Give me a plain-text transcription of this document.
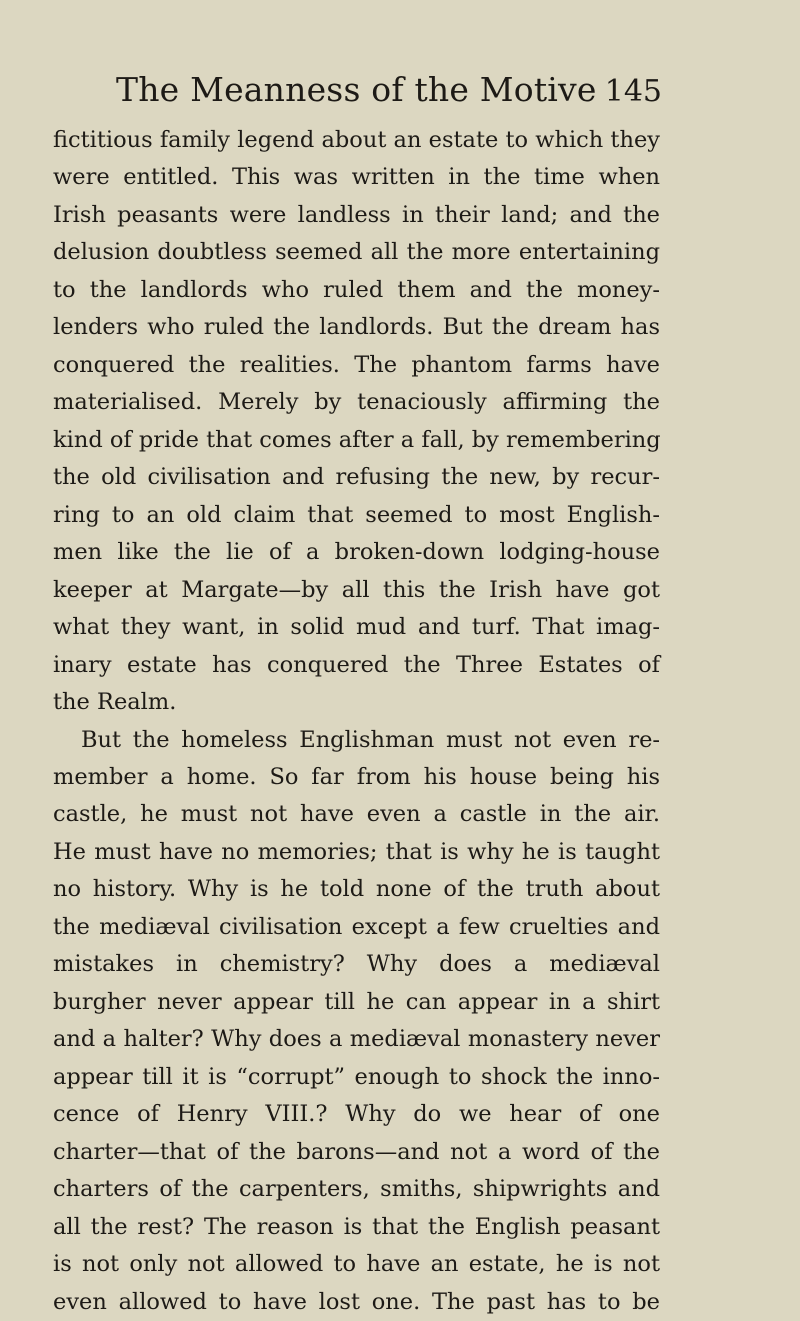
The Meanness of the Motive 145
fictitious family legend about an estate to which they
were entitled. This was written in the time when
Irish peasants were landless in their land; and the
delusion doubtless seemed all the more entertaining
to the landlords who ruled them and the money-
lenders who ruled the landlords. But the dream has
conquered the realities. The phantom farms have
materialised. Merely by tenaciously affirming the
kind of pride that comes after a fall, by remembering
the old civilisation and refusing the new, by recur-
ring to an old claim that seemed to most English-
men like the lie of a broken-down lodging-house
keeper at Margate—by all this the Irish have got
what they want, in solid mud and turf. That imag-
inary estate has conquered the Three Estates of
the Realm.
But the homeless Englishman must not even re-
member a home. So far from his house being his
castle, he must not have even a castle in the air.
He must have no memories; that is why he is taught
no history. Why is he told none of the truth about
the mediæval civilisation except a few cruelties and
mistakes in chemistry? Why does a mediæval
burgher never appear till he can appear in a shirt
and a halter? Why does a mediæval monastery never
appear till it is “corrupt” enough to shock the inno-
cence of Henry VIII.? Why do we hear of one
charter—that of the barons—and not a word of the
charters of the carpenters, smiths, shipwrights and
all the rest? The reason is that the English peasant
is not only not allowed to have an estate, he is not
even allowed to have lost one. The past has to be
